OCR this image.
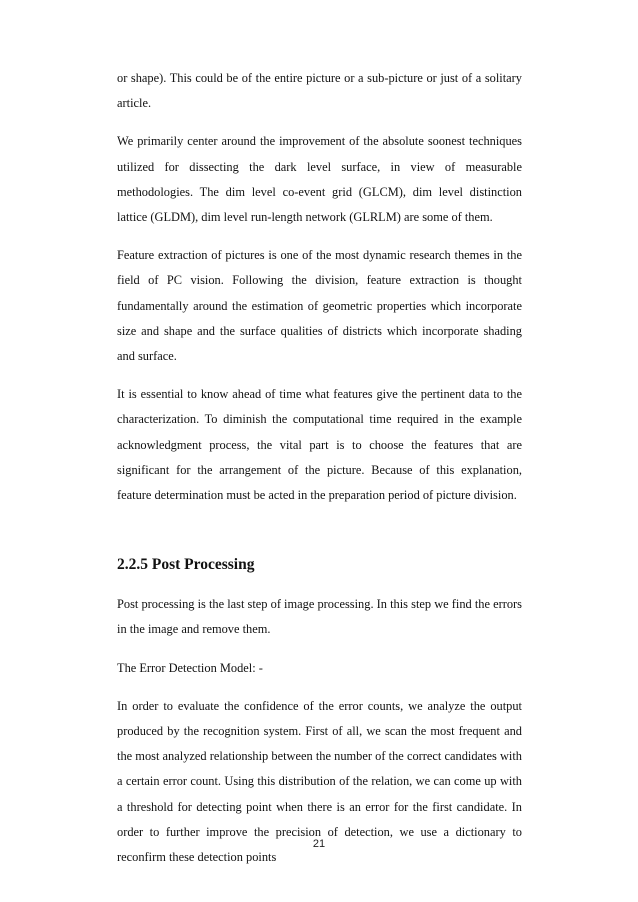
or shape). This could be of the entire picture or a sub-picture or just of a solitary article.

We primarily center around the improvement of the absolute soonest techniques utilized for dissecting the dark level surface, in view of measurable methodologies. The dim level co-event grid (GLCM), dim level distinction lattice (GLDM), dim level run-length network (GLRLM) are some of them.

Feature extraction of pictures is one of the most dynamic research themes in the field of PC vision. Following the division, feature extraction is thought fundamentally around the estimation of geometric properties which incorporate size and shape and the surface qualities of districts which incorporate shading and surface.

It is essential to know ahead of time what features give the pertinent data to the characterization. To diminish the computational time required in the example acknowledgment process, the vital part is to choose the features that are significant for the arrangement of the picture. Because of this explanation, feature determination must be acted in the preparation period of picture division.

2.2.5 Post Processing

Post processing is the last step of image processing. In this step we find the errors in the image and remove them.

The Error Detection Model: -

In order to evaluate the confidence of the error counts, we analyze the output produced by the recognition system. First of all, we scan the most frequent and the most analyzed relationship between the number of the correct candidates with a certain error count. Using this distribution of the relation, we can come up with a threshold for detecting point when there is an error for the first candidate. In order to further improve the precision of detection, we use a dictionary to reconfirm these detection points

21
